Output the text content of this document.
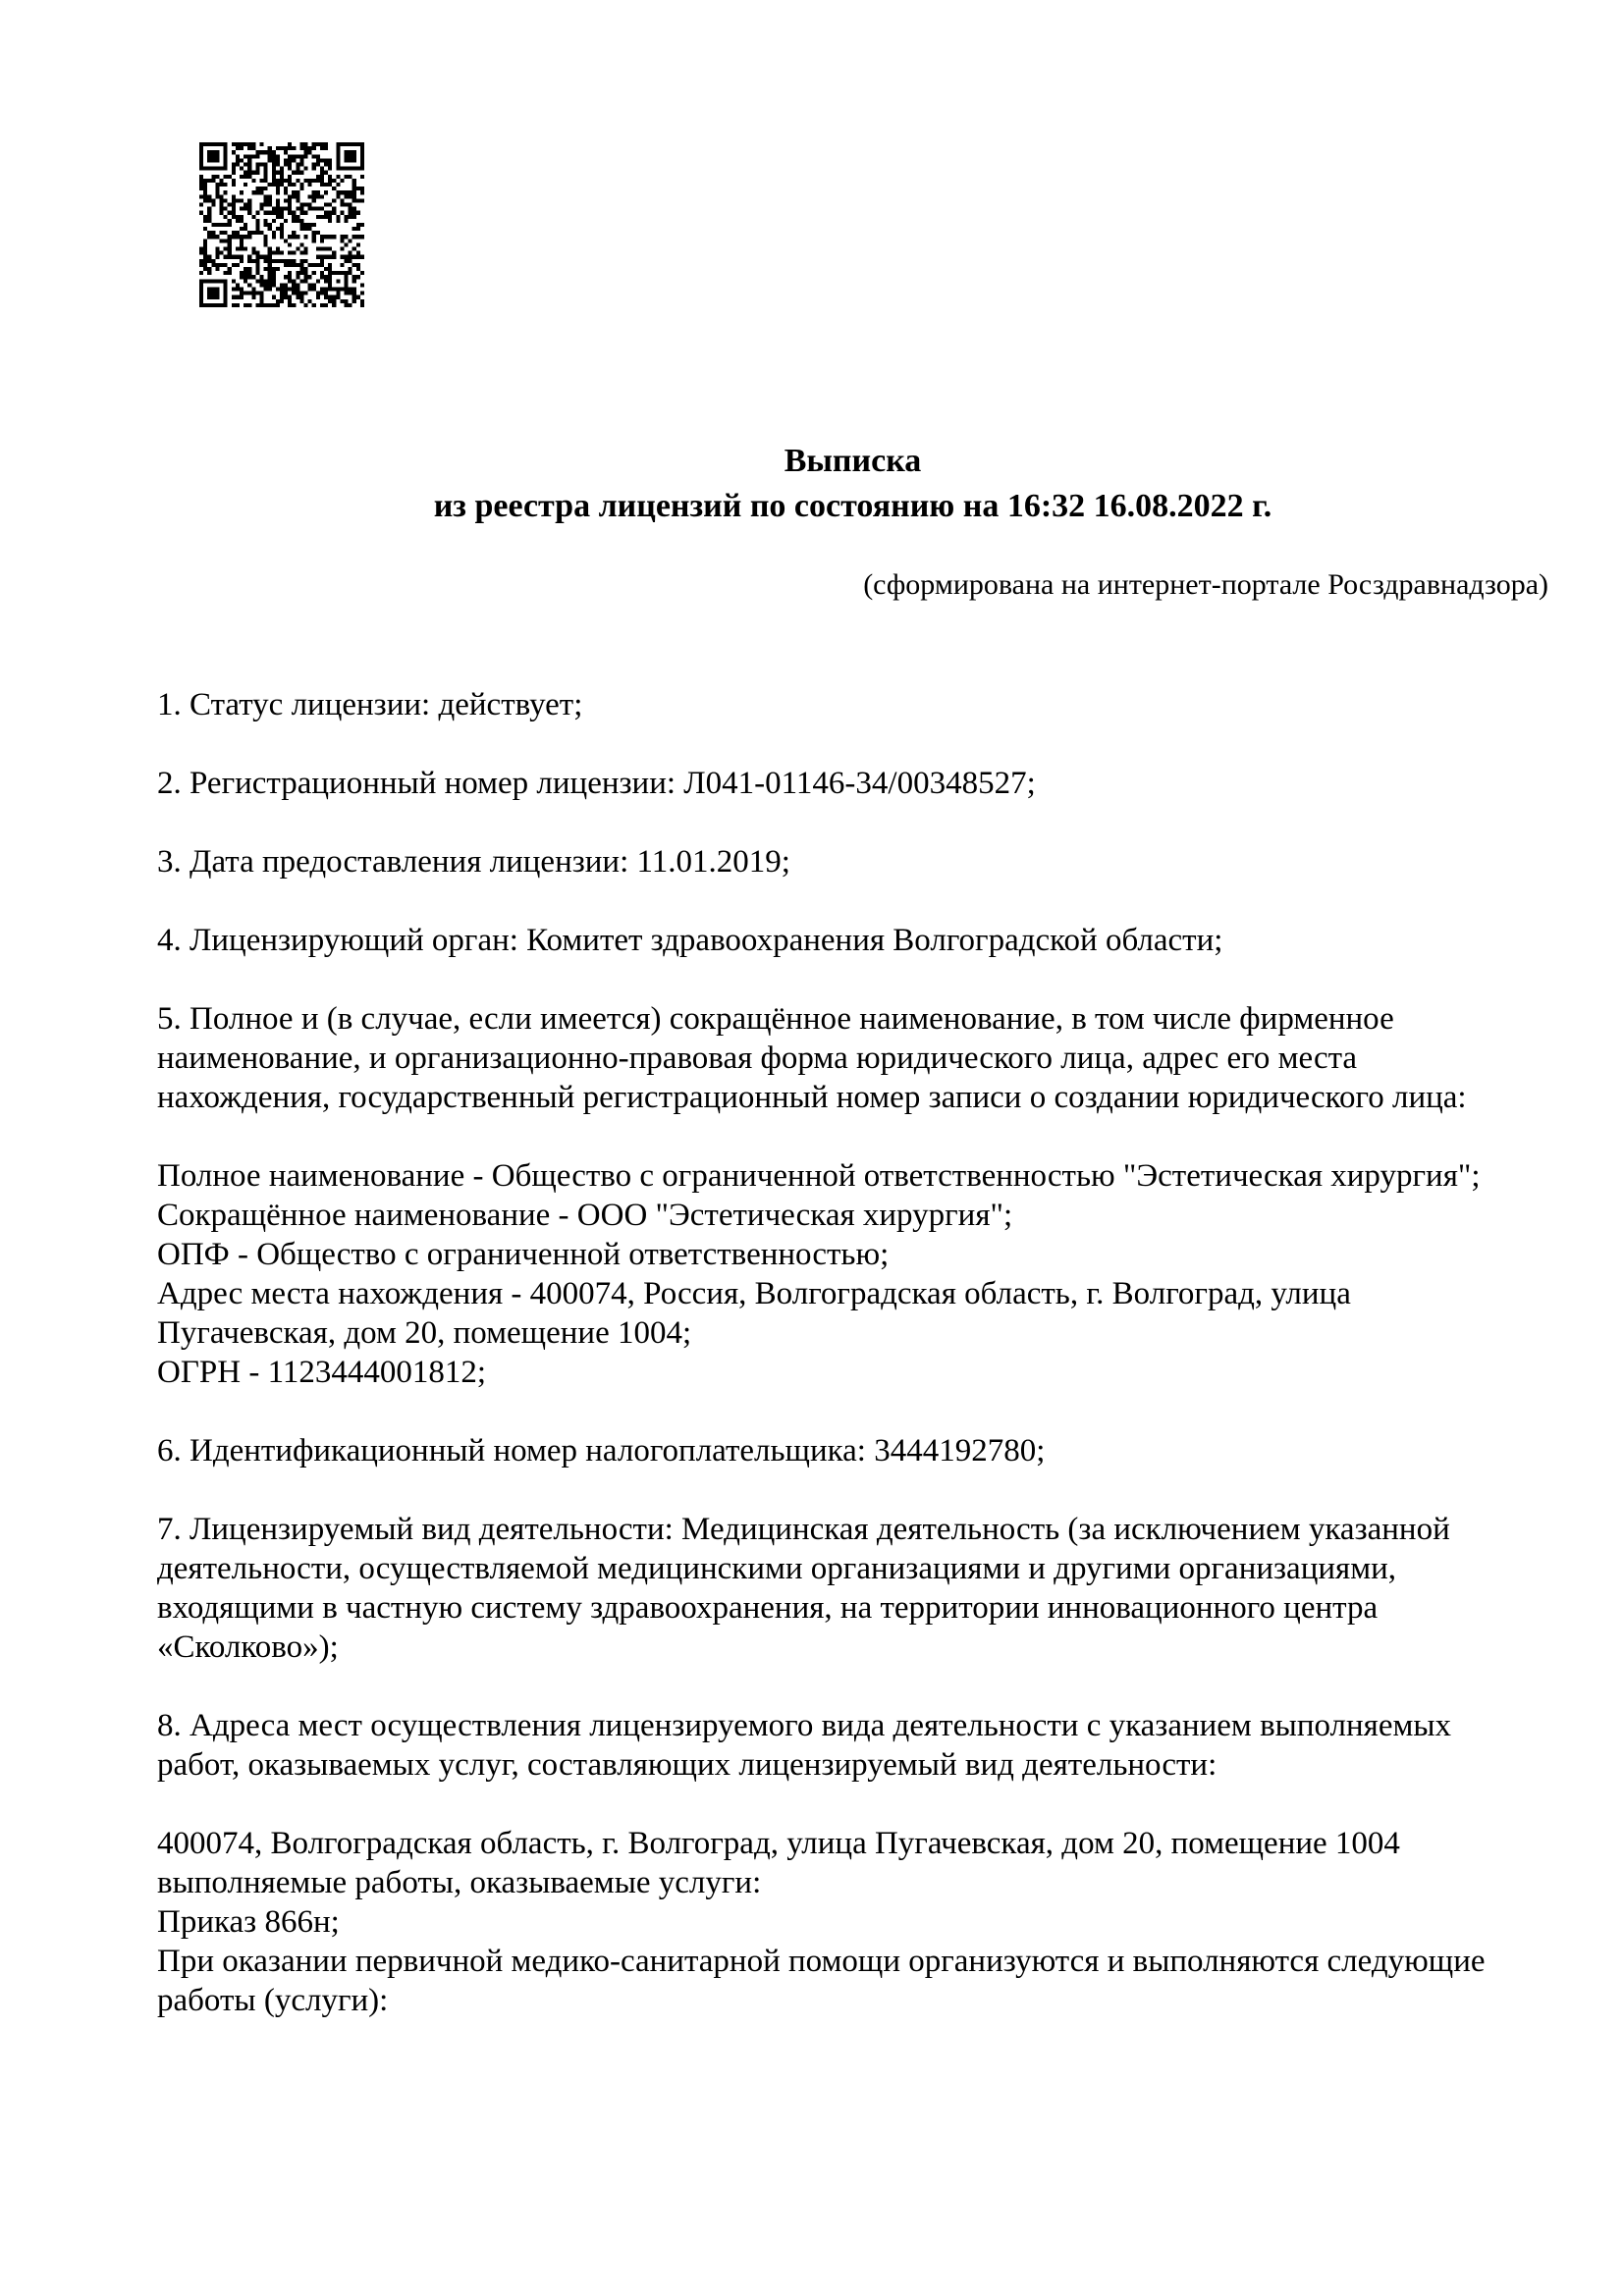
Выписка
из реестра лицензий по состоянию на 16:32 16.08.2022 г.
(сформирована на интернет-портале Росздравнадзора)

1. Статус лицензии: действует;

2. Регистрационный номер лицензии: Л041-01146-34/00348527;

3. Дата предоставления лицензии: 11.01.2019;

4. Лицензирующий орган: Комитет здравоохранения Волгоградской области;

5. Полное и (в случае, если имеется) сокращённое наименование, в том числе фирменное
наименование, и организационно-правовая форма юридического лица, адрес его места
нахождения, государственный регистрационный номер записи о создании юридического лица:

Полное наименование - Общество с ограниченной ответственностью "Эстетическая хирургия";
Сокращённое наименование - ООО "Эстетическая хирургия";
ОПФ - Общество с ограниченной ответственностью;
Адрес места нахождения - 400074, Россия, Волгоградская область, г. Волгоград, улица
Пугачевская, дом 20, помещение 1004;
ОГРН - 1123444001812;

6. Идентификационный номер налогоплательщика: 3444192780;

7. Лицензируемый вид деятельности: Медицинская деятельность (за исключением указанной
деятельности, осуществляемой медицинскими организациями и другими организациями,
входящими в частную систему здравоохранения, на территории инновационного центра
«Сколково»);

8. Адреса мест осуществления лицензируемого вида деятельности с указанием выполняемых
работ, оказываемых услуг, составляющих лицензируемый вид деятельности:

400074, Волгоградская область, г. Волгоград, улица Пугачевская, дом 20, помещение 1004
выполняемые работы, оказываемые услуги:
Приказ 866н;
При оказании первичной медико-санитарной помощи организуются и выполняются следующие
работы (услуги):
